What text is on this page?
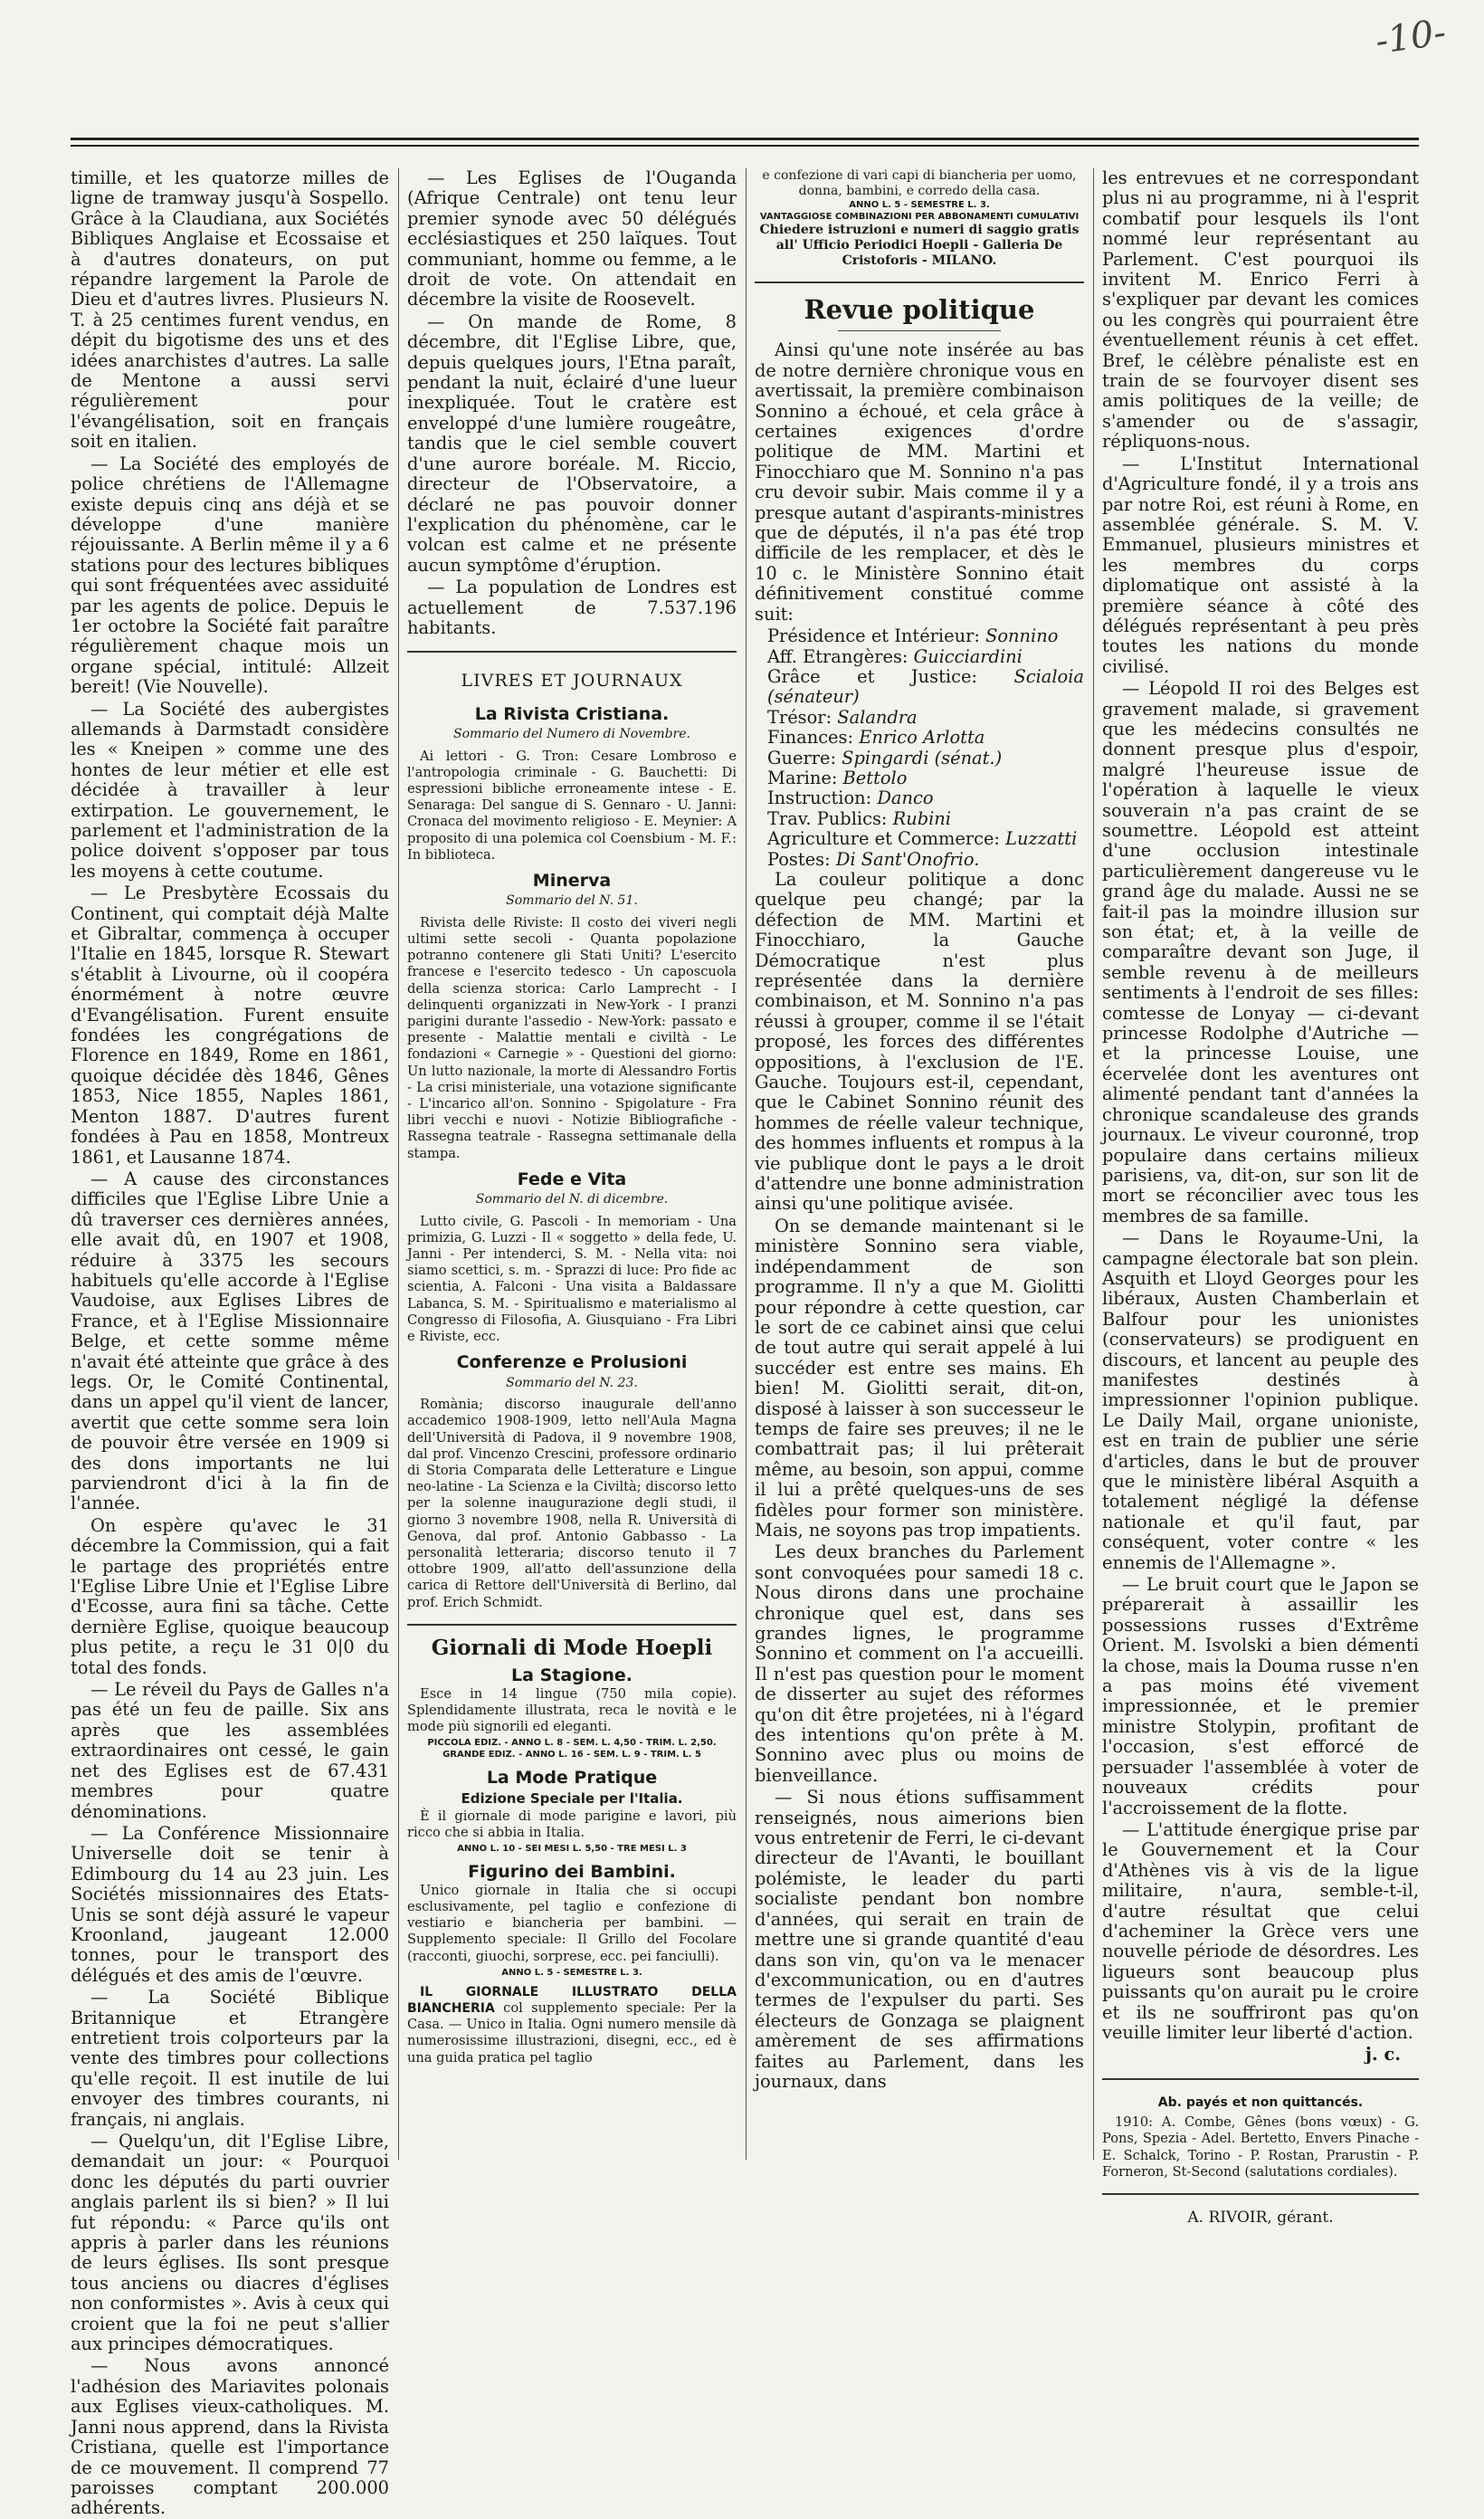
-10-

timille, et les quatorze milles de ligne de tramway jusqu'à Sospello. Grâce à la Claudiana, aux Sociétés Bibliques Anglaise et Ecossaise et à d'autres donateurs, on put répandre largement la Parole de Dieu et d'autres livres. Plusieurs N. T. à 25 centimes furent vendus, en dépit du bigotisme des uns et des idées anarchistes d'autres. La salle de Mentone a aussi servi régulièrement pour l'évangélisation, soit en français soit en italien.

— La Société des employés de police chrétiens de l'Allemagne existe depuis cinq ans déjà et se développe d'une manière réjouissante. A Berlin même il y a 6 stations pour des lectures bibliques qui sont fréquentées avec assiduité par les agents de police. Depuis le 1er octobre la Société fait paraître régulièrement chaque mois un organe spécial, intitulé: Allzeit bereit! (Vie Nouvelle).

— La Société des aubergistes allemands à Darmstadt considère les « Kneipen » comme une des hontes de leur métier et elle est décidée à travailler à leur extirpation. Le gouvernement, le parlement et l'administration de la police doivent s'opposer par tous les moyens à cette coutume.

— Le Presbytère Ecossais du Continent, qui comptait déjà Malte et Gibraltar, commença à occuper l'Italie en 1845, lorsque R. Stewart s'établit à Livourne, où il coopéra énormément à notre œuvre d'Evangélisation. Furent ensuite fondées les congrégations de Florence en 1849, Rome en 1861, quoique décidée dès 1846, Gênes 1853, Nice 1855, Naples 1861, Menton 1887. D'autres furent fondées à Pau en 1858, Montreux 1861, et Lausanne 1874.

— A cause des circonstances difficiles que l'Eglise Libre Unie a dû traverser ces dernières années, elle avait dû, en 1907 et 1908, réduire à 3375 les secours habituels qu'elle accorde à l'Eglise Vaudoise, aux Eglises Libres de France, et à l'Eglise Missionnaire Belge, et cette somme même n'avait été atteinte que grâce à des legs. Or, le Comité Continental, dans un appel qu'il vient de lancer, avertit que cette somme sera loin de pouvoir être versée en 1909 si des dons importants ne lui parviendront d'ici à la fin de l'année.

On espère qu'avec le 31 décembre la Commission, qui a fait le partage des propriétés entre l'Eglise Libre Unie et l'Eglise Libre d'Ecosse, aura fini sa tâche. Cette dernière Eglise, quoique beaucoup plus petite, a reçu le 31 0|0 du total des fonds.

— Le réveil du Pays de Galles n'a pas été un feu de paille. Six ans après que les assemblées extraordinaires ont cessé, le gain net des Eglises est de 67.431 membres pour quatre dénominations.

— La Conférence Missionnaire Universelle doit se tenir à Edimbourg du 14 au 23 juin. Les Sociétés missionnaires des Etats-Unis se sont déjà assuré le vapeur Kroonland, jaugeant 12.000 tonnes, pour le transport des délégués et des amis de l'œuvre.

— La Société Biblique Britannique et Etrangère entretient trois colporteurs par la vente des timbres pour collections qu'elle reçoit. Il est inutile de lui envoyer des timbres courants, ni français, ni anglais.

— Quelqu'un, dit l'Eglise Libre, demandait un jour: « Pourquoi donc les députés du parti ouvrier anglais parlent ils si bien? » Il lui fut répondu: « Parce qu'ils ont appris à parler dans les réunions de leurs églises. Ils sont presque tous anciens ou diacres d'églises non conformistes ». Avis à ceux qui croient que la foi ne peut s'allier aux principes démocratiques.

— Nous avons annoncé l'adhésion des Mariavites polonais aux Eglises vieux-catholiques. M. Janni nous apprend, dans la Rivista Cristiana, quelle est l'importance de ce mouvement. Il comprend 77 paroisses comptant 200.000 adhérents.

— Les Eglises de l'Ouganda (Afrique Centrale) ont tenu leur premier synode avec 50 délégués ecclésiastiques et 250 laïques. Tout communiant, homme ou femme, a le droit de vote. On attendait en décembre la visite de Roosevelt.

— On mande de Rome, 8 décembre, dit l'Eglise Libre, que, depuis quelques jours, l'Etna paraît, pendant la nuit, éclairé d'une lueur inexpliquée. Tout le cratère est enveloppé d'une lumière rougeâtre, tandis que le ciel semble couvert d'une aurore boréale. M. Riccio, directeur de l'Observatoire, a déclaré ne pas pouvoir donner l'explication du phénomène, car le volcan est calme et ne présente aucun symptôme d'éruption.

— La population de Londres est actuellement de 7.537.196 habitants.

LIVRES ET JOURNAUX
La Rivista Cristiana.
Sommario del Numero di Novembre.

Ai lettori - G. Tron: Cesare Lombroso e l'antropologia criminale - G. Bauchetti: Di espressioni bibliche erroneamente intese - E. Senaraga: Del sangue di S. Gennaro - U. Janni: Cronaca del movimento religioso - E. Meynier: A proposito di una polemica col Coensbium - M. F.: In biblioteca.

Minerva
Sommario del N. 51.

Rivista delle Riviste: Il costo dei viveri negli ultimi sette secoli - Quanta popolazione potranno contenere gli Stati Uniti? L'esercito francese e l'esercito tedesco - Un caposcuola della scienza storica: Carlo Lamprecht - I delinquenti organizzati in New-York - I pranzi parigini durante l'assedio - New-York: passato e presente - Malattie mentali e civiltà - Le fondazioni « Carnegie » - Questioni del giorno: Un lutto nazionale, la morte di Alessandro Fortis - La crisi ministeriale, una votazione significante - L'incarico all'on. Sonnino - Spigolature - Fra libri vecchi e nuovi - Notizie Bibliografiche - Rassegna teatrale - Rassegna settimanale della stampa.

Fede e Vita
Sommario del N. di dicembre.

Lutto civile, G. Pascoli - In memoriam - Una primizia, G. Luzzi - Il « soggetto » della fede, U. Janni - Per intenderci, S. M. - Nella vita: noi siamo scettici, s. m. - Sprazzi di luce: Pro fide ac scientia, A. Falconi - Una visita a Baldassare Labanca, S. M. - Spiritualismo e materialismo al Congresso di Filosofia, A. Giusquiano - Fra Libri e Riviste, ecc.

Conferenze e Prolusioni
Sommario del N. 23.

Romània; discorso inaugurale dell'anno accademico 1908-1909, letto nell'Aula Magna dell'Università di Padova, il 9 novembre 1908, dal prof. Vincenzo Crescini, professore ordinario di Storia Comparata delle Letterature e Lingue neo-latine - La Scienza e la Civiltà; discorso letto per la solenne inaugurazione degli studi, il giorno 3 novembre 1908, nella R. Università di Genova, dal prof. Antonio Gabbasso - La personalità letteraria; discorso tenuto il 7 ottobre 1909, all'atto dell'assunzione della carica di Rettore dell'Università di Berlino, dal prof. Erich Schmidt.

Giornali di Mode Hoepli
La Stagione.

Esce in 14 lingue (750 mila copie). Splendidamente illustrata, reca le novità e le mode più signorili ed eleganti.

PICCOLA EDIZ. - ANNO L. 8 - SEM. L. 4,50 - TRIM. L. 2,50. GRANDE EDIZ. - ANNO L. 16 - SEM. L. 9 - TRIM. L. 5
La Mode Pratique
Edizione Speciale per l'Italia.

È il giornale di mode parigine e lavori, più ricco che si abbia in Italia.

ANNO L. 10 - SEI MESI L. 5,50 - TRE MESI L. 3
Figurino dei Bambini.

Unico giornale in Italia che si occupi esclusivamente, pel taglio e confezione di vestiario e biancheria per bambini. — Supplemento speciale: Il Grillo del Focolare (racconti, giuochi, sorprese, ecc. pei fanciulli).

ANNO L. 5 - SEMESTRE L. 3.

IL GIORNALE ILLUSTRATO DELLA BIANCHERIA col supplemento speciale: Per la Casa. — Unico in Italia. Ogni numero mensile dà numerosissime illustrazioni, disegni, ecc., ed è una guida pratica pel taglio

e confezione di vari capi di biancheria per uomo, donna, bambini, e corredo della casa.
ANNO L. 5 - SEMESTRE L. 3.
VANTAGGIOSE COMBINAZIONI PER ABBONAMENTI CUMULATIVI
Chiedere istruzioni e numeri di saggio gratis all' Ufficio Periodici Hoepli - Galleria De Cristoforis - MILANO.
Revue politique

Ainsi qu'une note insérée au bas de notre dernière chronique vous en avertissait, la première combinaison Sonnino a échoué, et cela grâce à certaines exigences d'ordre politique de MM. Martini et Finocchiaro que M. Sonnino n'a pas cru devoir subir. Mais comme il y a presque autant d'aspirants-ministres que de députés, il n'a pas été trop difficile de les remplacer, et dès le 10 c. le Ministère Sonnino était définitivement constitué comme suit:

Présidence et Intérieur: Sonnino

Aff. Etrangères: Guicciardini

Grâce et Justice: Scialoia (sénateur)

Trésor: Salandra

Finances: Enrico Arlotta

Guerre: Spingardi (sénat.)

Marine: Bettolo

Instruction: Danco

Trav. Publics: Rubini

Agriculture et Commerce: Luzzatti

Postes: Di Sant'Onofrio.

La couleur politique a donc quelque peu changé; par la défection de MM. Martini et Finocchiaro, la Gauche Démocratique n'est plus représentée dans la dernière combinaison, et M. Sonnino n'a pas réussi à grouper, comme il se l'était proposé, les forces des différentes oppositions, à l'exclusion de l'E. Gauche. Toujours est-il, cependant, que le Cabinet Sonnino réunit des hommes de réelle valeur technique, des hommes influents et rompus à la vie publique dont le pays a le droit d'attendre une bonne administration ainsi qu'une politique avisée.

On se demande maintenant si le ministère Sonnino sera viable, indépendamment de son programme. Il n'y a que M. Giolitti pour répondre à cette question, car le sort de ce cabinet ainsi que celui de tout autre qui serait appelé à lui succéder est entre ses mains. Eh bien! M. Giolitti serait, dit-on, disposé à laisser à son successeur le temps de faire ses preuves; il ne le combattrait pas; il lui prêterait même, au besoin, son appui, comme il lui a prêté quelques-uns de ses fidèles pour former son ministère. Mais, ne soyons pas trop impatients.

Les deux branches du Parlement sont convoquées pour samedi 18 c. Nous dirons dans une prochaine chronique quel est, dans ses grandes lignes, le programme Sonnino et comment on l'a accueilli. Il n'est pas question pour le moment de disserter au sujet des réformes qu'on dit être projetées, ni à l'égard des intentions qu'on prête à M. Sonnino avec plus ou moins de bienveillance.

— Si nous étions suffisamment renseignés, nous aimerions bien vous entretenir de Ferri, le ci-devant directeur de l'Avanti, le bouillant polémiste, le leader du parti socialiste pendant bon nombre d'années, qui serait en train de mettre une si grande quantité d'eau dans son vin, qu'on va le menacer d'excommunication, ou en d'autres termes de l'expulser du parti. Ses électeurs de Gonzaga se plaignent amèrement de ses affirmations faites au Parlement, dans les journaux, dans

les entrevues et ne correspondant plus ni au programme, ni à l'esprit combatif pour lesquels ils l'ont nommé leur représentant au Parlement. C'est pourquoi ils invitent M. Enrico Ferri à s'expliquer par devant les comices ou les congrès qui pourraient être éventuellement réunis à cet effet. Bref, le célèbre pénaliste est en train de se fourvoyer disent ses amis politiques de la veille; de s'amender ou de s'assagir, répliquons-nous.

— L'Institut International d'Agriculture fondé, il y a trois ans par notre Roi, est réuni à Rome, en assemblée générale. S. M. V. Emmanuel, plusieurs ministres et les membres du corps diplomatique ont assisté à la première séance à côté des délégués représentant à peu près toutes les nations du monde civilisé.

— Léopold II roi des Belges est gravement malade, si gravement que les médecins consultés ne donnent presque plus d'espoir, malgré l'heureuse issue de l'opération à laquelle le vieux souverain n'a pas craint de se soumettre. Léopold est atteint d'une occlusion intestinale particulièrement dangereuse vu le grand âge du malade. Aussi ne se fait-il pas la moindre illusion sur son état; et, à la veille de comparaître devant son Juge, il semble revenu à de meilleurs sentiments à l'endroit de ses filles: comtesse de Lonyay — ci-devant princesse Rodolphe d'Autriche — et la princesse Louise, une écervelée dont les aventures ont alimenté pendant tant d'années la chronique scandaleuse des grands journaux. Le viveur couronné, trop populaire dans certains milieux parisiens, va, dit-on, sur son lit de mort se réconcilier avec tous les membres de sa famille.

— Dans le Royaume-Uni, la campagne électorale bat son plein. Asquith et Lloyd Georges pour les libéraux, Austen Chamberlain et Balfour pour les unionistes (conservateurs) se prodiguent en discours, et lancent au peuple des manifestes destinés à impressionner l'opinion publique. Le Daily Mail, organe unioniste, est en train de publier une série d'articles, dans le but de prouver que le ministère libéral Asquith a totalement négligé la défense nationale et qu'il faut, par conséquent, voter contre « les ennemis de l'Allemagne ».

— Le bruit court que le Japon se préparerait à assaillir les possessions russes d'Extrême Orient. M. Isvolski a bien démenti la chose, mais la Douma russe n'en a pas moins été vivement impressionnée, et le premier ministre Stolypin, profitant de l'occasion, s'est efforcé de persuader l'assemblée à voter de nouveaux crédits pour l'accroissement de la flotte.

— L'attitude énergique prise par le Gouvernement et la Cour d'Athènes vis à vis de la ligue militaire, n'aura, semble-t-il, d'autre résultat que celui d'acheminer la Grèce vers une nouvelle période de désordres. Les ligueurs sont beaucoup plus puissants qu'on aurait pu le croire et ils ne souffriront pas qu'on veuille limiter leur liberté d'action.

j. c.
Ab. payés et non quittancés.

1910: A. Combe, Gênes (bons vœux) - G. Pons, Spezia - Adel. Bertetto, Envers Pinache - E. Schalck, Torino - P. Rostan, Prarustin - P. Forneron, St-Second (salutations cordiales).

A. RIVOIR, gérant.
